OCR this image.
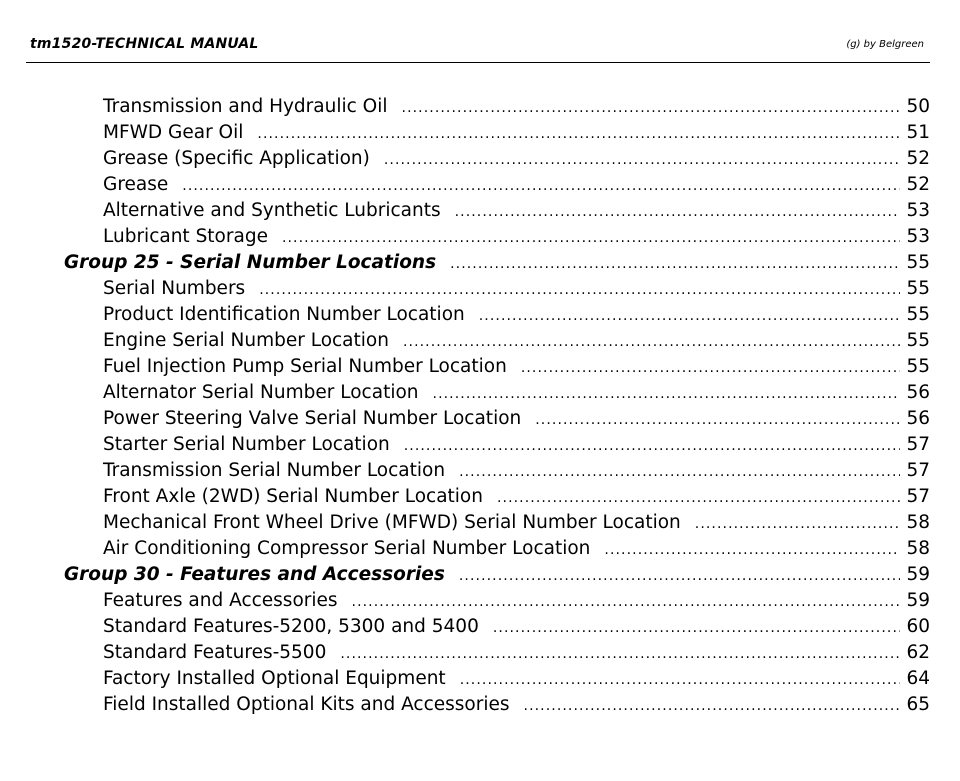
tm1520-TECHNICAL MANUAL	(g) by Belgreen
Transmission and Hydraulic Oil .....	50
MFWD Gear Oil .....	51
Grease (Specific Application) .....	52
Grease .....	52
Alternative and Synthetic Lubricants .....	53
Lubricant Storage .....	53
Group 25 - Serial Number Locations .....	55
Serial Numbers .....	55
Product Identification Number Location .....	55
Engine Serial Number Location .....	55
Fuel Injection Pump Serial Number Location .....	55
Alternator Serial Number Location .....	56
Power Steering Valve Serial Number Location .....	56
Starter Serial Number Location .....	57
Transmission Serial Number Location .....	57
Front Axle (2WD) Serial Number Location .....	57
Mechanical Front Wheel Drive (MFWD) Serial Number Location .....	58
Air Conditioning Compressor Serial Number Location .....	58
Group 30 - Features and Accessories .....	59
Features and Accessories .....	59
Standard Features-5200, 5300 and 5400 .....	60
Standard Features-5500 .....	62
Factory Installed Optional Equipment .....	64
Field Installed Optional Kits and Accessories .....	65
